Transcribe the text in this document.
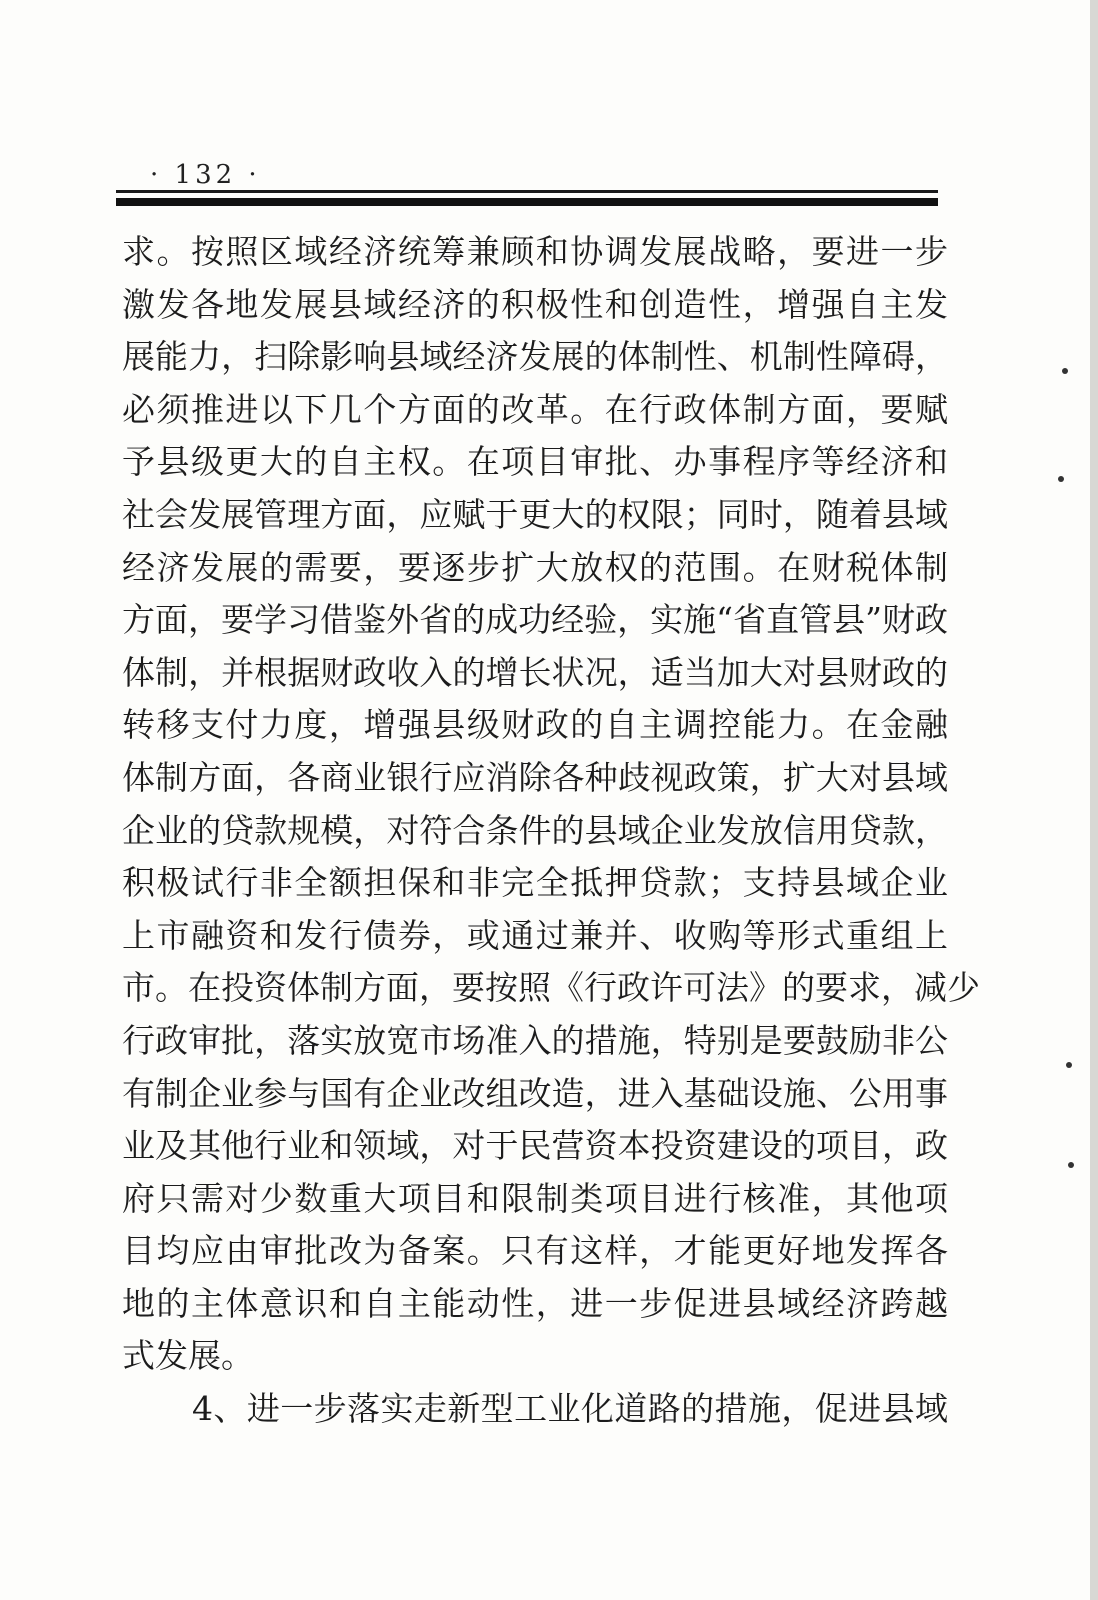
· 132 ·
求。按照区域经济统筹兼顾和协调发展战略，要进一步
激发各地发展县域经济的积极性和创造性，增强自主发
展能力，扫除影响县域经济发展的体制性、机制性障碍，
必须推进以下几个方面的改革。在行政体制方面，要赋
予县级更大的自主权。在项目审批、办事程序等经济和
社会发展管理方面，应赋于更大的权限；同时，随着县域
经济发展的需要，要逐步扩大放权的范围。在财税体制
方面，要学习借鉴外省的成功经验，实施“省直管县”财政
体制，并根据财政收入的增长状况，适当加大对县财政的
转移支付力度，增强县级财政的自主调控能力。在金融
体制方面，各商业银行应消除各种歧视政策，扩大对县域
企业的贷款规模，对符合条件的县域企业发放信用贷款，
积极试行非全额担保和非完全抵押贷款；支持县域企业
上市融资和发行债券，或通过兼并、收购等形式重组上
市。在投资体制方面，要按照《行政许可法》的要求，减少
行政审批，落实放宽市场准入的措施，特别是要鼓励非公
有制企业参与国有企业改组改造，进入基础设施、公用事
业及其他行业和领域，对于民营资本投资建设的项目，政
府只需对少数重大项目和限制类项目进行核准，其他项
目均应由审批改为备案。只有这样，才能更好地发挥各
地的主体意识和自主能动性，进一步促进县域经济跨越
式发展。
4、进一步落实走新型工业化道路的措施，促进县域
